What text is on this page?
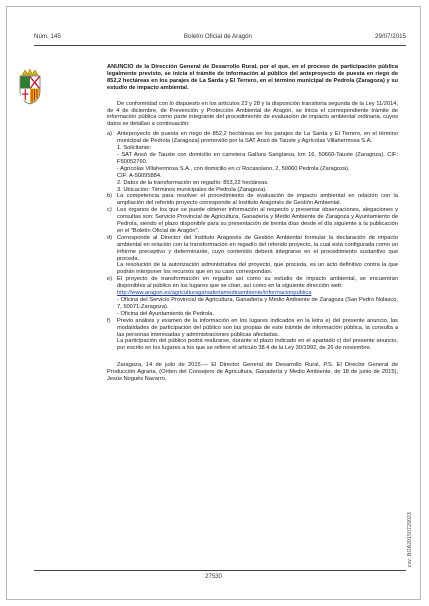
Núm. 145	Boletín Oficial de Aragón	29/07/2015
ANUNCIO de la Dirección General de Desarrollo Rural, por el que, en el proceso de participación pública legalmente previsto, se inicia el trámite de información al público del anteproyecto de puesta en riego de 852,2 hectáreas en los parajes de La Sarda y El Terrero, en el término municipal de Pedrola (Zaragoza) y su estudio de impacto ambiental.
De conformidad con lo dispuesto en los artículos 23 y 28 y la disposición transitoria segunda de la Ley 11/2014, de 4 de diciembre, de Prevención y Protección Ambiental de Aragón, se inicia el correspondiente trámite de información pública como parte integrante del procedimiento de evaluación de impacto ambiental ordinaria, cuyos datos se detallan a continuación:
a) Anteproyecto de puesta en riego de 852,2 hectáreas en los parajes de La Sarda y El Terrero, en el término municipal de Pedrola (Zaragoza) promovido por la SAT Ansó de Tauste y Agrícolas Villahermosa S.A.
1. Solicitante:
- SAT Ansó de Tauste con domicilio en carretera Gallura Sangüesa, km 16, 50660-Tauste (Zaragoza). CIF: F50052760.
- Agrícolas Villahermosa S.A., con domicilio en c/ Rocasolano, 2, 50060 Pedrola (Zaragoza).
CIF: A-50095884.
2. Datos de la transformación en regadío: 853,22 hectáreas.
3. Ubicación: Términos municipales de Pedrola (Zaragoza).
b) La competencia para resolver el procedimiento de evaluación de impacto ambiental en relación con la ampliación del referido proyecto corresponde al Instituto Aragonés de Gestión Ambiental.
c) Los órganos de los que se puede obtener información al respecto y presentar observaciones, alegaciones y consultas son: Servicio Provincial de Agricultura, Ganadería y Medio Ambiente de Zaragoza y Ayuntamiento de Pedrola, siendo el plazo disponible para su presentación de treinta días desde el día siguiente a la publicación en el "Boletín Oficial de Aragón".
d) Corresponde al Director del Instituto Aragonés de Gestión Ambiental formular la declaración de impacto ambiental en relación con la transformación en regadío del referido proyecto, la cual está configurada como un informe preceptivo y determinante, cuyo contenido deberá integrarse en el procedimiento sustantivo que proceda.
La resolución de la autorización administrativa del proyecto, que proceda, es un acto definitivo contra la que podrán interponer los recursos que en su caso correspondan.
e) El proyecto de transformación en regadío así como su estudio de impacto ambiental, se encuentran disponibles al público en los lugares que se citan, así como en la siguiente dirección web:
http://www.aragon.es/agriculturaganaderiamedioambiente/informacionpublica
- Oficina del Servicio Provincial de Agricultura, Ganadería y Medio Ambiente de Zaragoza (San Pedro Nolasco, 7, 50071-Zaragoza).
- Oficina del Ayuntamiento de Pedrola.
f)	Previo análisis y examen de la información en los lugares indicados en la letra e) del presente anuncio, las modalidades de participación del público son las propias de este trámite de información pública, la consulta a las personas interesadas y administraciones públicas afectadas.
La participación del público podrá realizarse, durante el plazo indicado en el apartado c) del presente anuncio, por escrito en los lugares a los que se refiere el artículo 38.4 de la Ley 30/1992, de 26 de noviembre.
Zaragoza, 14 de julio de 2015.— El Director General de Desarrollo Rural, P.S. El Director General de Producción Agraria, (Orden del Consejero de Agricultura, Ganadería y Medio Ambiente, de 18 de junio de 2015), Jesús Nogués Navarro.
csv: BOA20150729023
27530
